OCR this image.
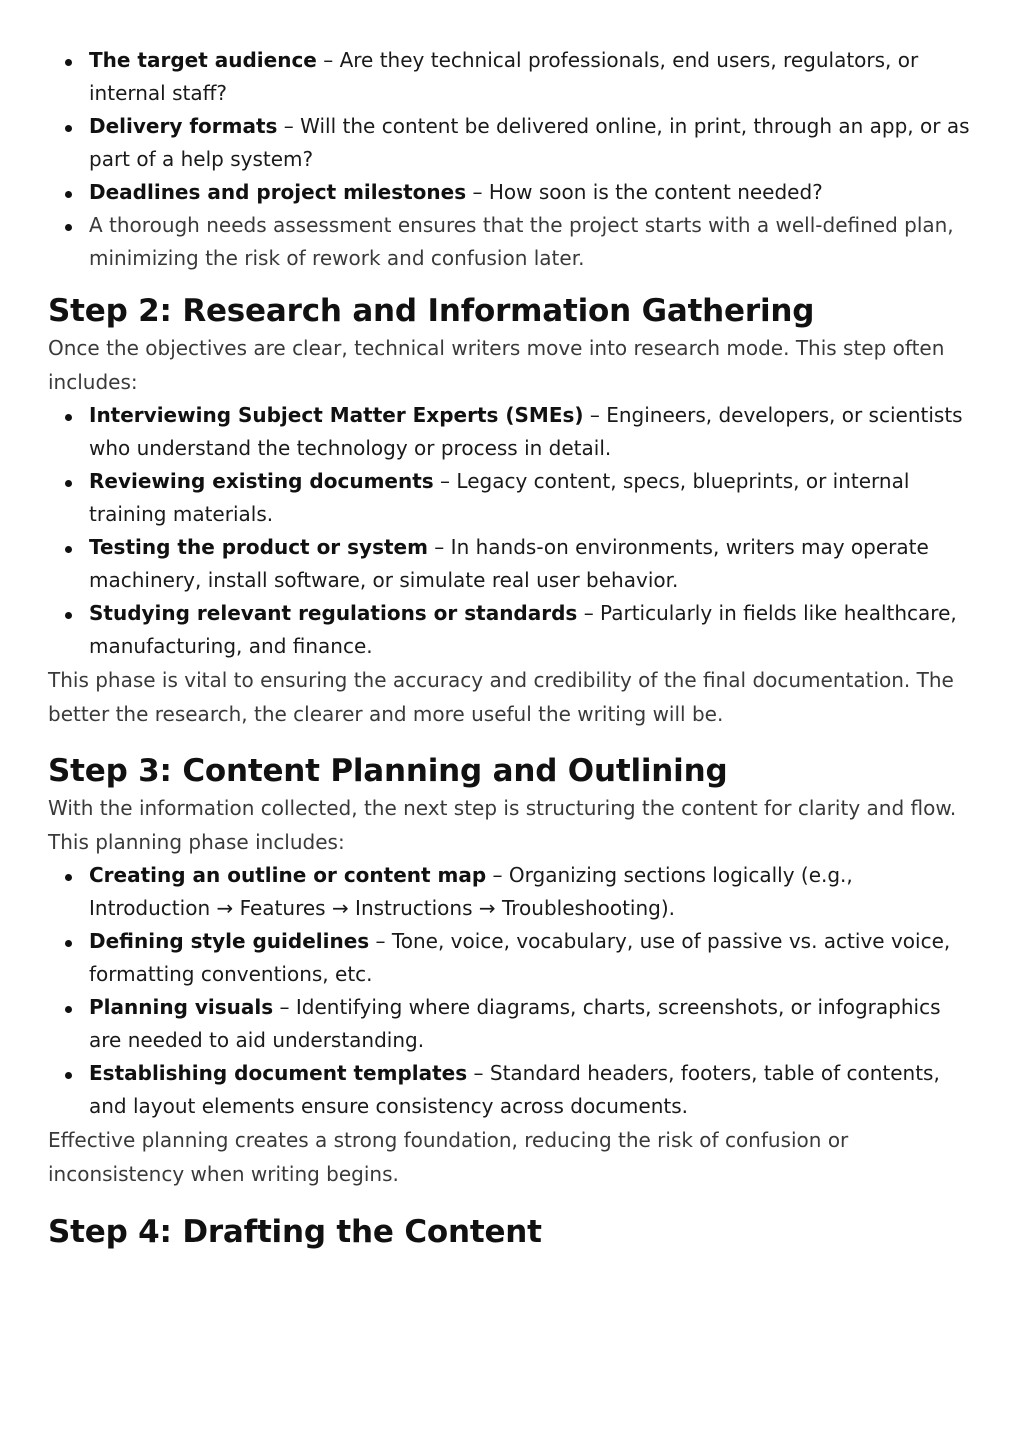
The target audience – Are they technical professionals, end users, regulators, or internal staff?
Delivery formats – Will the content be delivered online, in print, through an app, or as part of a help system?
Deadlines and project milestones – How soon is the content needed?
A thorough needs assessment ensures that the project starts with a well-defined plan, minimizing the risk of rework and confusion later.
Step 2: Research and Information Gathering

Once the objectives are clear, technical writers move into research mode. This step often includes:

Interviewing Subject Matter Experts (SMEs) – Engineers, developers, or scientists who understand the technology or process in detail.
Reviewing existing documents – Legacy content, specs, blueprints, or internal training materials.
Testing the product or system – In hands-on environments, writers may operate machinery, install software, or simulate real user behavior.
Studying relevant regulations or standards – Particularly in fields like healthcare, manufacturing, and finance.

This phase is vital to ensuring the accuracy and credibility of the final documentation. The better the research, the clearer and more useful the writing will be.

Step 3: Content Planning and Outlining

With the information collected, the next step is structuring the content for clarity and flow. This planning phase includes:

Creating an outline or content map – Organizing sections logically (e.g., Introduction → Features → Instructions → Troubleshooting).
Defining style guidelines – Tone, voice, vocabulary, use of passive vs. active voice, formatting conventions, etc.
Planning visuals – Identifying where diagrams, charts, screenshots, or infographics are needed to aid understanding.
Establishing document templates – Standard headers, footers, table of contents, and layout elements ensure consistency across documents.

Effective planning creates a strong foundation, reducing the risk of confusion or inconsistency when writing begins.

Step 4: Drafting the Content
